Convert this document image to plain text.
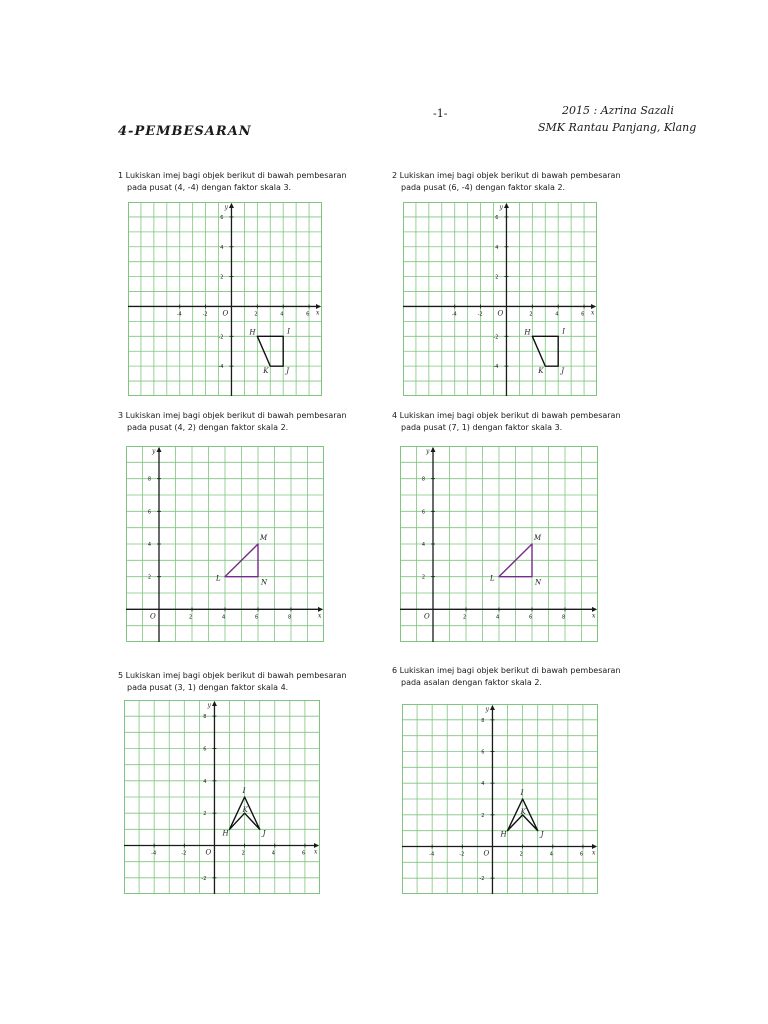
-1-	2015 : Azrina Sazali
SMK Rantau Panjang, Klang
4-PEMBESARAN
1 Lukiskan imej bagi objek berikut di bawah pembesaran
pada pusat (4, -4) dengan faktor skala 3.
2 Lukiskan imej bagi objek berikut di bawah pembesaran
pada pusat (6, -4) dengan faktor skala 2.
3 Lukiskan imej bagi objek berikut di bawah pembesaran
pada pusat (4, 2) dengan faktor skala 2.
4 Lukiskan imej bagi objek berikut di bawah pembesaran
pada pusat (7, 1) dengan faktor skala 3.
5 Lukiskan imej bagi objek berikut di bawah pembesaran
pada pusat (3, 1) dengan faktor skala 4.
6 Lukiskan imej bagi objek berikut di bawah pembesaran
pada asalan dengan faktor skala 2.
x
y
O
-4	-2	2	4	6
6
4
2
-2
-4
H	I
J
K
x
y
O
-4	-2	2	4	6
6
4
2
-2
-4
H	I
J
K
x
y
O	2	4	6	8
8
6
4
2	L
M
N
x
y
O	2	4	6	8
8
6
4
2	L
M
N
x
y
O
-4	-2	2	4	6
8
6
4
2
-2
H
I
J
K
x
y
O
-4	-2	2	4	6
8
6
4
2
-2
H
I
J
K
